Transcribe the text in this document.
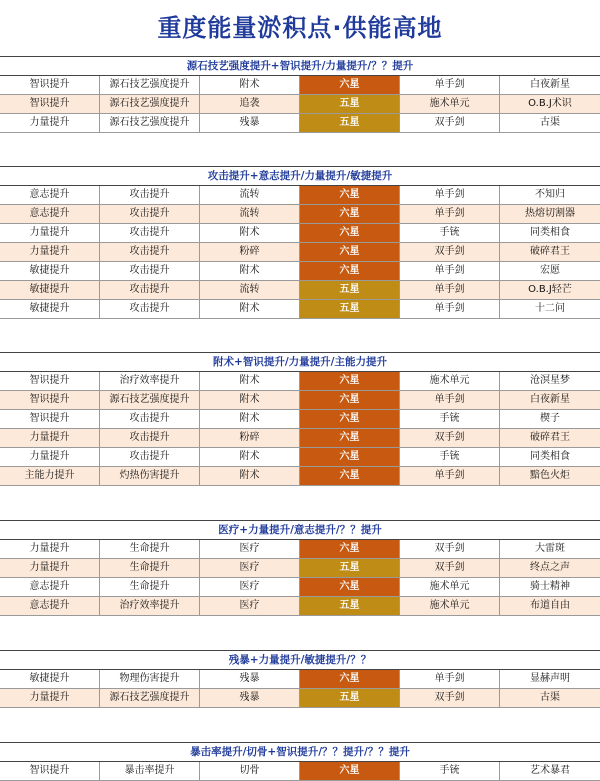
重度能量淤积点·供能高地
源石技艺强度提升+智识提升/力量提升/？？提升
智识提升	源石技艺强度提升	附术	六星	单手剑	白夜新星
智识提升	源石技艺强度提升	追袭	五星	施术单元	O.B.J术识
力量提升	源石技艺强度提升	残暴	五星	双手剑	古渠
攻击提升+意志提升/力量提升/敏捷提升
意志提升	攻击提升	流转	六星	单手剑	不知归
意志提升	攻击提升	流转	六星	单手剑	热熔切割器
力量提升	攻击提升	附术	六星	手铳	同类相食
力量提升	攻击提升	粉碎	六星	双手剑	破碎君王
敏捷提升	攻击提升	附术	六星	单手剑	宏愿
敏捷提升	攻击提升	流转	五星	单手剑	O.B.J轻芒
敏捷提升	攻击提升	附术	五星	单手剑	十二问
附术+智识提升/力量提升/主能力提升
智识提升	治疗效率提升	附术	六星	施术单元	沧溟星梦
智识提升	源石技艺强度提升	附术	六星	单手剑	白夜新星
智识提升	攻击提升	附术	六星	手铳	楔子
力量提升	攻击提升	粉碎	六星	双手剑	破碎君王
力量提升	攻击提升	附术	六星	手铳	同类相食
主能力提升	灼热伤害提升	附术	六星	单手剑	黯色火炬
医疗+力量提升/意志提升/？？提升
力量提升	生命提升	医疗	六星	双手剑	大雷斑
力量提升	生命提升	医疗	五星	双手剑	终点之声
意志提升	生命提升	医疗	六星	施术单元	骑士精神
意志提升	治疗效率提升	医疗	五星	施术单元	布道自由
残暴+力量提升/敏捷提升/？？
敏捷提升	物理伤害提升	残暴	六星	单手剑	显赫声明
力量提升	源石技艺强度提升	残暴	五星	双手剑	古渠
暴击率提升/切骨+智识提升/？？提升/？？提升
智识提升	暴击率提升	切骨	六星	手铳	艺术暴君
